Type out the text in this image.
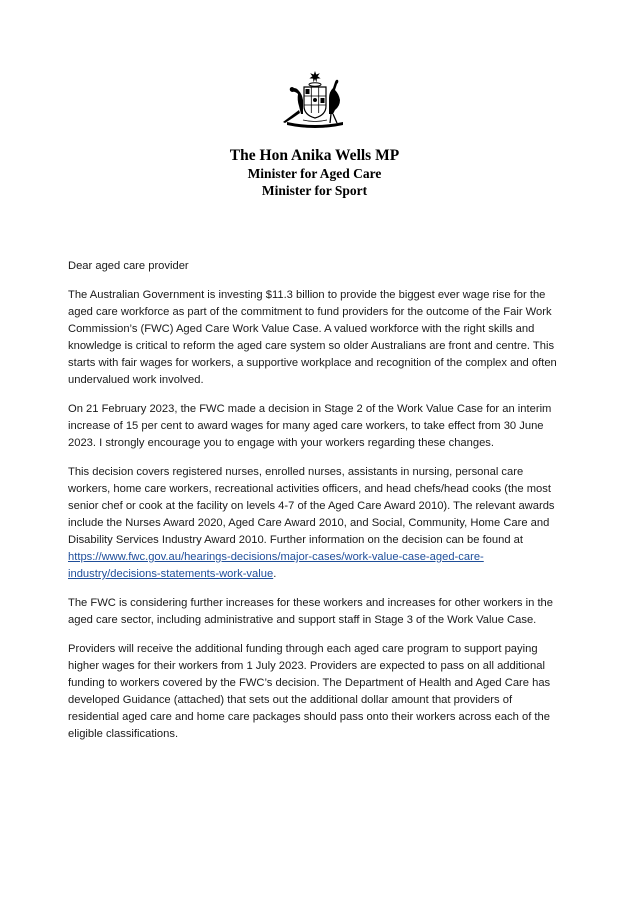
The Hon Anika Wells MP
Minister for Aged Care
Minister for Sport

Dear aged care provider

The Australian Government is investing $11.3 billion to provide the biggest ever wage rise for the aged care workforce as part of the commitment to fund providers for the outcome of the Fair Work Commission’s (FWC) Aged Care Work Value Case. A valued workforce with the right skills and knowledge is critical to reform the aged care system so older Australians are front and centre. This starts with fair wages for workers, a supportive workplace and recognition of the complex and often undervalued work involved.

On 21 February 2023, the FWC made a decision in Stage 2 of the Work Value Case for an interim increase of 15 per cent to award wages for many aged care workers, to take effect from 30 June 2023. I strongly encourage you to engage with your workers regarding these changes.

This decision covers registered nurses, enrolled nurses, assistants in nursing, personal care workers, home care workers, recreational activities officers, and head chefs/head cooks (the most senior chef or cook at the facility on levels 4-7 of the Aged Care Award 2010). The relevant awards include the Nurses Award 2020, Aged Care Award 2010, and Social, Community, Home Care and Disability Services Industry Award 2010. Further information on the decision can be found at https://www.fwc.gov.au/hearings-decisions/major-cases/work-value-case-aged-care-industry/decisions-statements-work-value.

The FWC is considering further increases for these workers and increases for other workers in the aged care sector, including administrative and support staff in Stage 3 of the Work Value Case.

Providers will receive the additional funding through each aged care program to support paying higher wages for their workers from 1 July 2023. Providers are expected to pass on all additional funding to workers covered by the FWC’s decision. The Department of Health and Aged Care has developed Guidance (attached) that sets out the additional dollar amount that providers of residential aged care and home care packages should pass onto their workers across each of the eligible classifications.
